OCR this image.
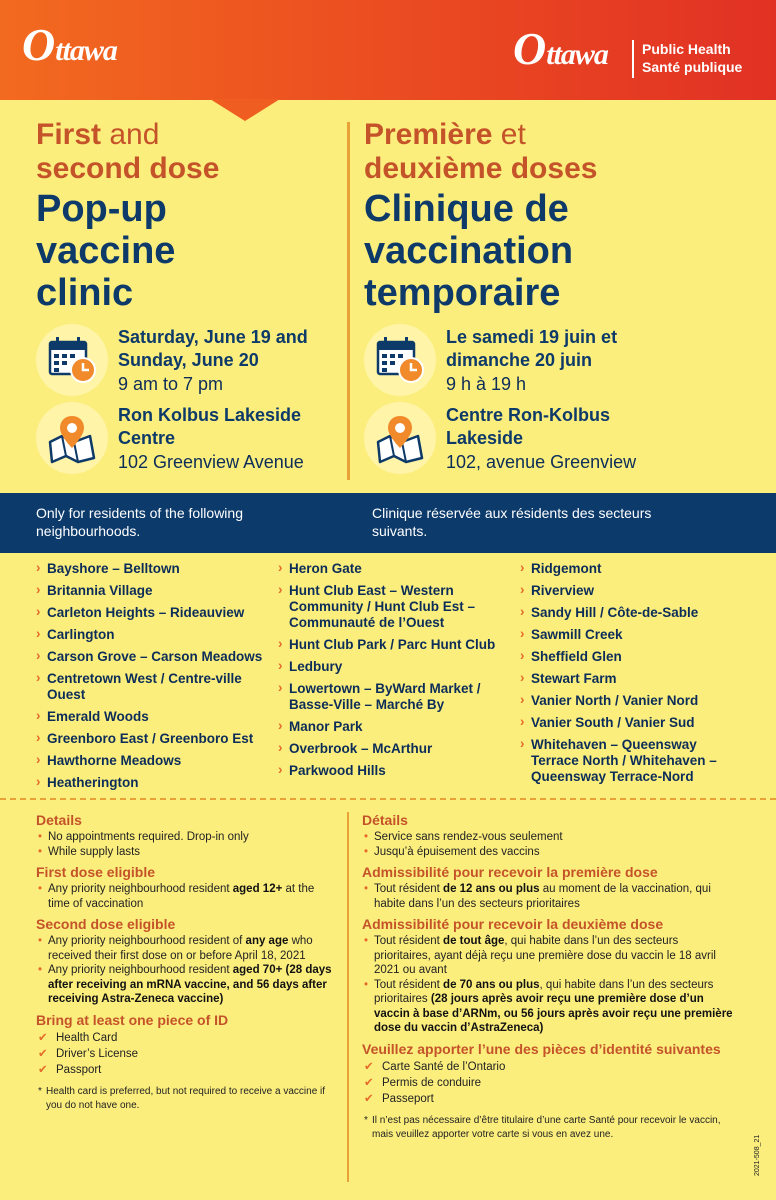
Ottawa	Ottawa Public Health
Santé publique
First and
second dose
Pop-up
vaccine
clinic
Saturday, June 19 and
Sunday, June 20
9 am to 7 pm
Ron Kolbus Lakeside
Centre
102 Greenview Avenue
Première et
deuxième doses
Clinique de
vaccination
temporaire
Le samedi 19 juin et
dimanche 20 juin
9 h à 19 h
Centre Ron-Kolbus
Lakeside
102, avenue Greenview
Only for residents of the following neighbourhoods.
Clinique réservée aux résidents des secteurs suivants.
› Bayshore – Belltown
› Britannia Village
› Carleton Heights – Rideauview
› Carlington
› Carson Grove – Carson Meadows
› Centretown West / Centre-ville Ouest
› Emerald Woods
› Greenboro East / Greenboro Est
› Hawthorne Meadows
› Heatherington
› Heron Gate
› Hunt Club East – Western Community / Hunt Club Est – Communauté de l’Ouest
› Hunt Club Park / Parc Hunt Club
› Ledbury
› Lowertown – ByWard Market / Basse-Ville – Marché By
› Manor Park
› Overbrook – McArthur
› Parkwood Hills
› Ridgemont
› Riverview
› Sandy Hill / Côte-de-Sable
› Sawmill Creek
› Sheffield Glen
› Stewart Farm
› Vanier North / Vanier Nord
› Vanier South / Vanier Sud
› Whitehaven – Queensway Terrace North / Whitehaven – Queensway Terrace-Nord
Details
• No appointments required. Drop-in only
• While supply lasts
First dose eligible
• Any priority neighbourhood resident aged 12+ at the time of vaccination
Second dose eligible
• Any priority neighbourhood resident of any age who received their first dose on or before April 18, 2021
• Any priority neighbourhood resident aged 70+ (28 days after receiving an mRNA vaccine, and 56 days after receiving Astra-Zeneca vaccine)
Bring at least one piece of ID
✔ Health Card
✔ Driver’s License
✔ Passport
* Health card is preferred, but not required to receive a vaccine if you do not have one.
Détails
• Service sans rendez-vous seulement
• Jusqu’à épuisement des vaccins
Admissibilité pour recevoir la première dose
• Tout résident de 12 ans ou plus au moment de la vaccination, qui habite dans l’un des secteurs prioritaires
Admissibilité pour recevoir la deuxième dose
• Tout résident de tout âge, qui habite dans l’un des secteurs prioritaires, ayant déjà reçu une première dose du vaccin le 18 avril 2021 ou avant
• Tout résident de 70 ans ou plus, qui habite dans l’un des secteurs prioritaires (28 jours après avoir reçu une première dose d’un vaccin à base d’ARNm, ou 56 jours après avoir reçu une première dose du vaccin d’AstraZeneca)
Veuillez apporter l’une des pièces d’identité suivantes
✔ Carte Santé de l’Ontario
✔ Permis de conduire
✔ Passeport
* Il n’est pas nécessaire d’être titulaire d’une carte Santé pour recevoir le vaccin, mais veuillez apporter votre carte si vous en avez une.
2021-508_21
